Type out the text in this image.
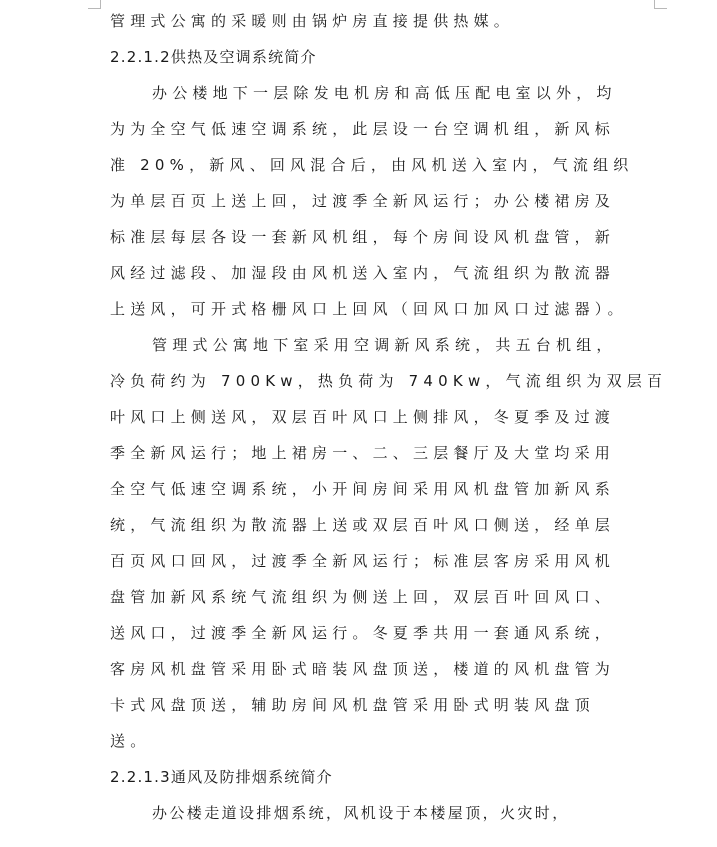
管理式公寓的采暖则由锅炉房直接提供热媒。
2.2.1.2供热及空调系统简介
办公楼地下一层除发电机房和高低压配电室以外，均
为为全空气低速空调系统，此层设一台空调机组，新风标
准 20%，新风、回风混合后，由风机送入室内，气流组织
为单层百页上送上回，过渡季全新风运行；办公楼裙房及
标准层每层各设一套新风机组，每个房间设风机盘管，新
风经过滤段、加湿段由风机送入室内，气流组织为散流器
上送风，可开式格栅风口上回风（回风口加风口过滤器）。
管理式公寓地下室采用空调新风系统，共五台机组，
冷负荷约为 700Kw，热负荷为 740Kw，气流组织为双层百
叶风口上侧送风，双层百叶风口上侧排风，冬夏季及过渡
季全新风运行；地上裙房一、二、三层餐厅及大堂均采用
全空气低速空调系统，小开间房间采用风机盘管加新风系
统，气流组织为散流器上送或双层百叶风口侧送，经单层
百页风口回风，过渡季全新风运行；标准层客房采用风机
盘管加新风系统气流组织为侧送上回，双层百叶回风口、
送风口，过渡季全新风运行。冬夏季共用一套通风系统，
客房风机盘管采用卧式暗装风盘顶送，楼道的风机盘管为
卡式风盘顶送，辅助房间风机盘管采用卧式明装风盘顶
送。
2.2.1.3通风及防排烟系统简介
办公楼走道设排烟系统，风机设于本楼屋顶，火灾时，
